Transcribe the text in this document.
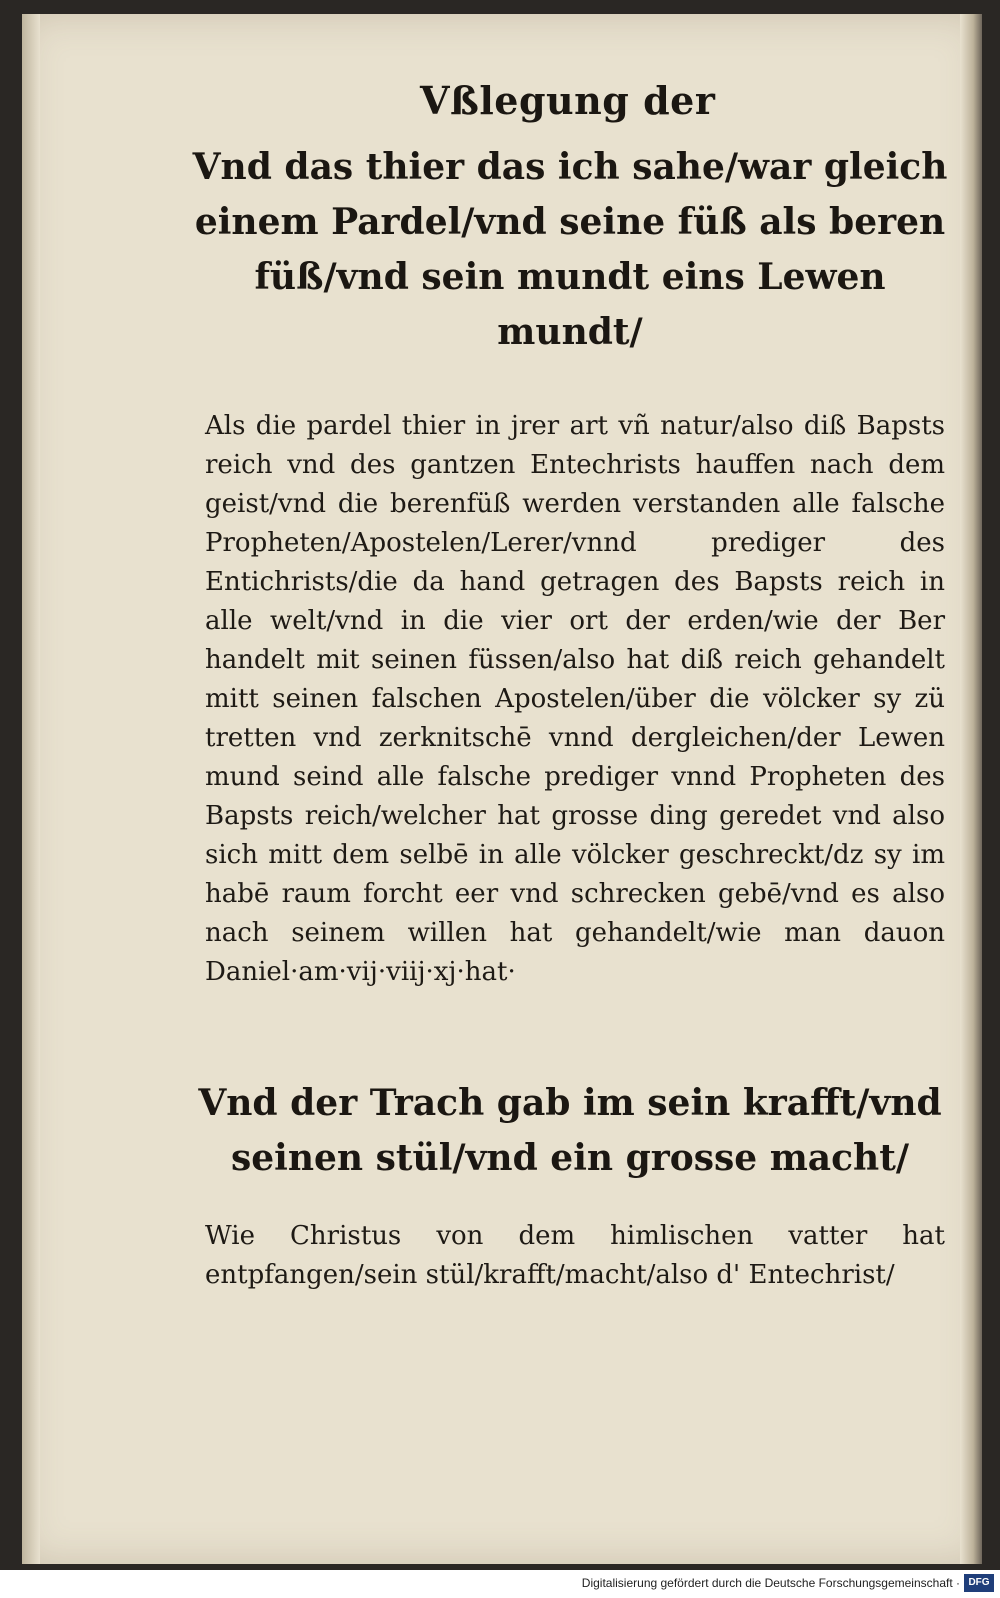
Vßlegung der
Vnd das thier das ich sahe/war gleich einem Pardel/vnd seine füß als beren füß/vnd sein mundt eins Lewen mundt/
Als die pardel thier in jrer art vñ natur/also diß Bapsts reich vnd des gantzen Entechrists hauffen nach dem geist/vnd die berenfüß werden verstanden alle falsche Propheten/Apostelen/Lerer/vnnd prediger des Entichrists/die da hand getragen des Bapsts reich in alle welt/vnd in die vier ort der erden/wie der Ber handelt mit seinen füssen/also hat diß reich gehandelt mitt seinen falschen Apostelen/über die völcker sy zü tretten vnd zerknitschē vnnd dergleichen/der Lewen mund seind alle falsche prediger vnnd Propheten des Bapsts reich/welcher hat grosse ding geredet vnd also sich mitt dem selbē in alle völcker geschreckt/dz sy im habē raum forcht eer vnd schrecken gebē/vnd es also nach seinem willen hat gehandelt/wie man dauon Daniel·am·vij·viij·xj·hat·
Vnd der Trach gab im sein krafft/vnd seinen stül/vnd ein grosse macht/
Wie Christus von dem himlischen vatter hat entpfangen/sein stül/krafft/macht/also d' Entechrist/
Digitalisierung gefördert durch die Deutsche Forschungsgemeinschaft · DFG
